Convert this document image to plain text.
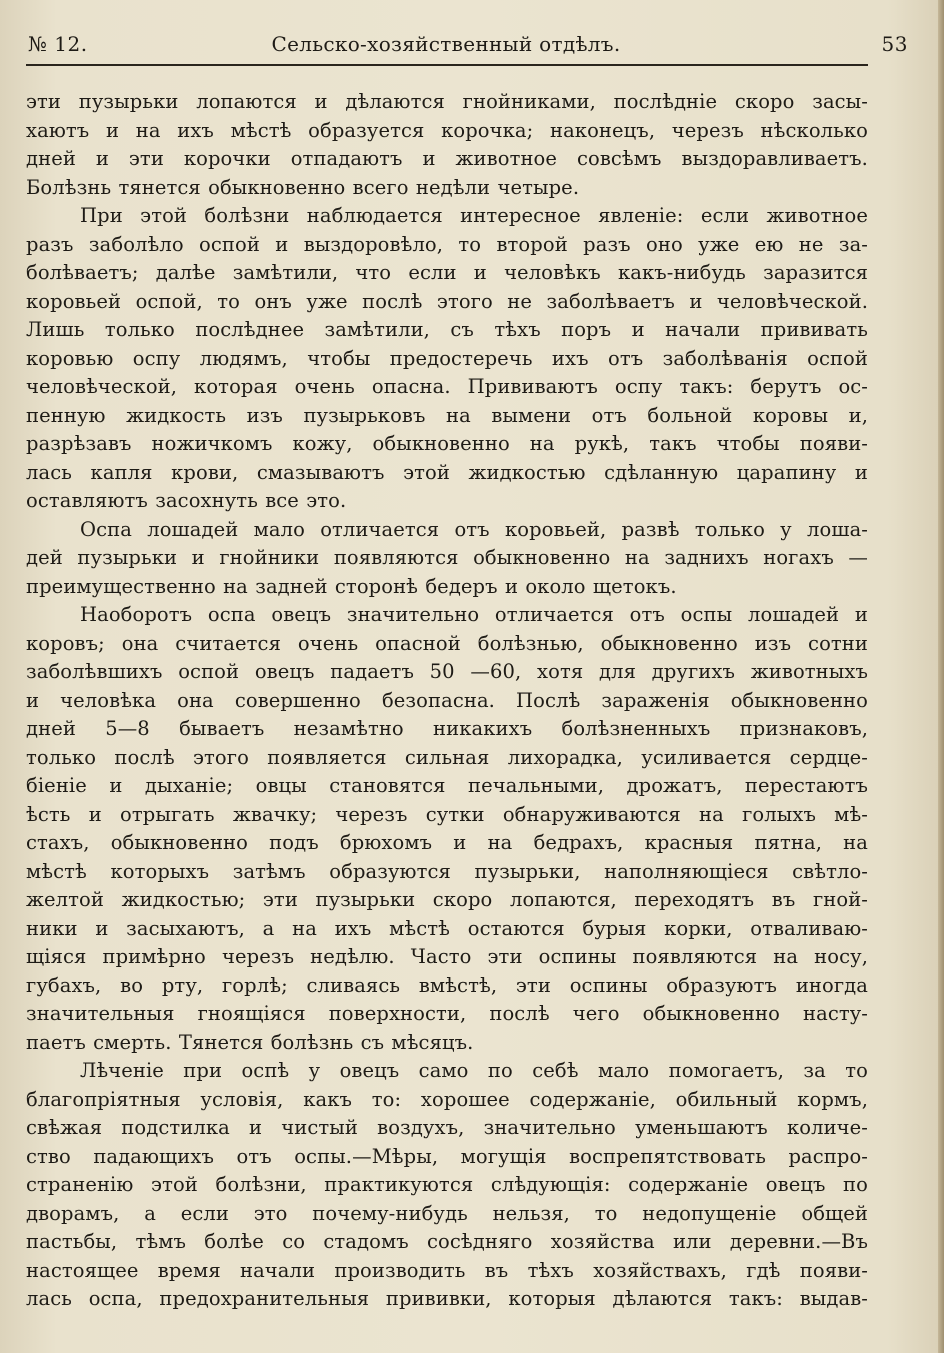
№ 12.	Сельско-хозяйственный отдѣлъ.	53
эти пузырьки лопаются и дѣлаются гнойниками, послѣдніе скоро засы-
хаютъ и на ихъ мѣстѣ образуется корочка; наконецъ, черезъ нѣсколько
дней и эти корочки отпадаютъ и животное совсѣмъ выздоравливаетъ.
Болѣзнь тянется обыкновенно всего недѣли четыре.
При этой болѣзни наблюдается интересное явленіе: если животное
разъ заболѣло оспой и выздоровѣло, то второй разъ оно уже ею не за-
болѣваетъ; далѣе замѣтили, что если и человѣкъ какъ-нибудь заразится
коровьей оспой, то онъ уже послѣ этого не заболѣваетъ и человѣческой.
Лишь только послѣднее замѣтили, съ тѣхъ поръ и начали прививать
коровью оспу людямъ, чтобы предостеречь ихъ отъ заболѣванія оспой
человѣческой, которая очень опасна. Прививаютъ оспу такъ: берутъ ос-
пенную жидкость изъ пузырьковъ на вымени отъ больной коровы и,
разрѣзавъ ножичкомъ кожу, обыкновенно на рукѣ, такъ чтобы появи-
лась капля крови, смазываютъ этой жидкостью сдѣланную царапину и
оставляютъ засохнуть все это.
Оспа лошадей мало отличается отъ коровьей, развѣ только у лоша-
дей пузырьки и гнойники появляются обыкновенно на заднихъ ногахъ —
преимущественно на задней сторонѣ бедеръ и около щетокъ.
Наоборотъ оспа овецъ значительно отличается отъ оспы лошадей и
коровъ; она считается очень опасной болѣзнью, обыкновенно изъ сотни
заболѣвшихъ оспой овецъ падаетъ 50 —60, хотя для другихъ животныхъ
и человѣка она совершенно безопасна. Послѣ зараженія обыкновенно
дней 5—8 бываетъ незамѣтно никакихъ болѣзненныхъ признаковъ,
только послѣ этого появляется сильная лихорадка, усиливается сердце-
біеніе и дыханіе; овцы становятся печальными, дрожатъ, перестаютъ
ѣсть и отрыгать жвачку; черезъ сутки обнаруживаются на голыхъ мѣ-
стахъ, обыкновенно подъ брюхомъ и на бедрахъ, красныя пятна, на
мѣстѣ которыхъ затѣмъ образуются пузырьки, наполняющіеся свѣтло-
желтой жидкостью; эти пузырьки скоро лопаются, переходятъ въ гной-
ники и засыхаютъ, а на ихъ мѣстѣ остаются бурыя корки, отваливаю-
щіяся примѣрно черезъ недѣлю. Часто эти оспины появляются на носу,
губахъ, во рту, горлѣ; сливаясь вмѣстѣ, эти оспины образуютъ иногда
значительныя гноящіяся поверхности, послѣ чего обыкновенно насту-
паетъ смерть. Тянется болѣзнь съ мѣсяцъ.
Лѣченіе при оспѣ у овецъ само по себѣ мало помогаетъ, за то
благопріятныя условія, какъ то: хорошее содержаніе, обильный кормъ,
свѣжая подстилка и чистый воздухъ, значительно уменьшаютъ количе-
ство падающихъ отъ оспы.—Мѣры, могущія воспрепятствовать распро-
страненію этой болѣзни, практикуются слѣдующія: содержаніе овецъ по
дворамъ, а если это почему-нибудь нельзя, то недопущеніе общей
пастьбы, тѣмъ болѣе со стадомъ сосѣдняго хозяйства или деревни.—Въ
настоящее время начали производить въ тѣхъ хозяйствахъ, гдѣ появи-
лась оспа, предохранительныя прививки, которыя дѣлаются такъ: выдав-
